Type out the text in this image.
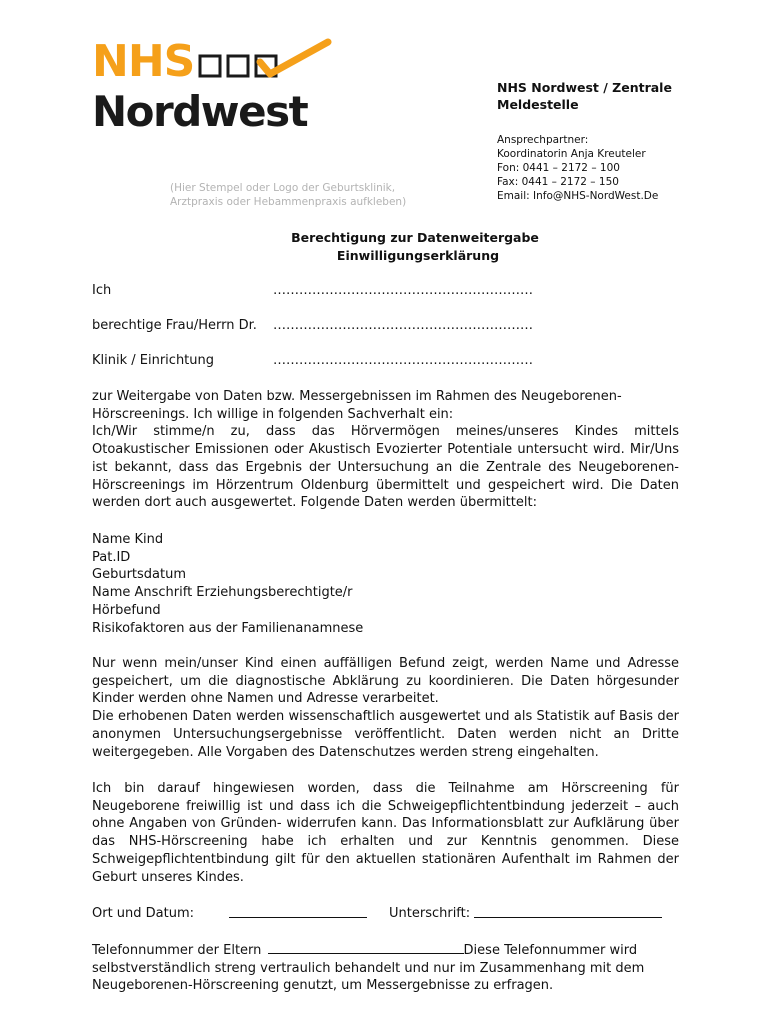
NHS
Nordwest
(Hier Stempel oder Logo der Geburtsklinik,
Arztpraxis oder Hebammenpraxis aufkleben)
NHS Nordwest / Zentrale
Meldestelle
Ansprechpartner:
Koordinatorin Anja Kreuteler
Fon: 0441 – 2172 – 100
Fax: 0441 – 2172 – 150
Email: Info@NHS-NordWest.De
Berechtigung zur Datenweitergabe
Einwilligungserklärung
Ich	……………………………………………………
berechtige Frau/Herrn Dr. ……………………………………………………
Klinik / Einrichtung	……………………………………………………

zur Weitergabe von Daten bzw. Messergebnissen im Rahmen des Neugeborenen-

Hörscreenings. Ich willige in folgenden Sachverhalt ein:

Ich/Wir stimme/n zu, dass das Hörvermögen meines/unseres Kindes mittels Otoakustischer Emissionen oder Akustisch Evozierter Potentiale untersucht wird. Mir/Uns ist bekannt, dass das Ergebnis der Untersuchung an die Zentrale des Neugeborenen-Hörscreenings im Hörzentrum Oldenburg übermittelt und gespeichert wird. Die Daten werden dort auch ausgewertet. Folgende Daten werden übermittelt:

Name Kind
Pat.ID
Geburtsdatum
Name Anschrift Erziehungsberechtigte/r
Hörbefund
Risikofaktoren aus der Familienanamnese

Nur wenn mein/unser Kind einen auffälligen Befund zeigt, werden Name und Adresse gespeichert, um die diagnostische Abklärung zu koordinieren. Die Daten hörgesunder Kinder werden ohne Namen und Adresse verarbeitet.

Die erhobenen Daten werden wissenschaftlich ausgewertet und als Statistik auf Basis der anonymen Untersuchungsergebnisse veröffentlicht. Daten werden nicht an Dritte weitergegeben. Alle Vorgaben des Datenschutzes werden streng eingehalten.

Ich bin darauf hingewiesen worden, dass die Teilnahme am Hörscreening für Neugeborene freiwillig ist und dass ich die Schweigepflichtentbindung jederzeit – auch ohne Angaben von Gründen- widerrufen kann. Das Informationsblatt zur Aufklärung über das NHS-Hörscreening habe ich erhalten und zur Kenntnis genommen. Diese Schweigepflichtentbindung gilt für den aktuellen stationären Aufenthalt im Rahmen der Geburt unseres Kindes.

Ort und Datum:	Unterschrift:
Telefonnummer der Eltern	Diese Telefonnummer wird
selbstverständlich streng vertraulich behandelt und nur im Zusammenhang mit dem Neugeborenen-Hörscreening genutzt, um Messergebnisse zu erfragen.
